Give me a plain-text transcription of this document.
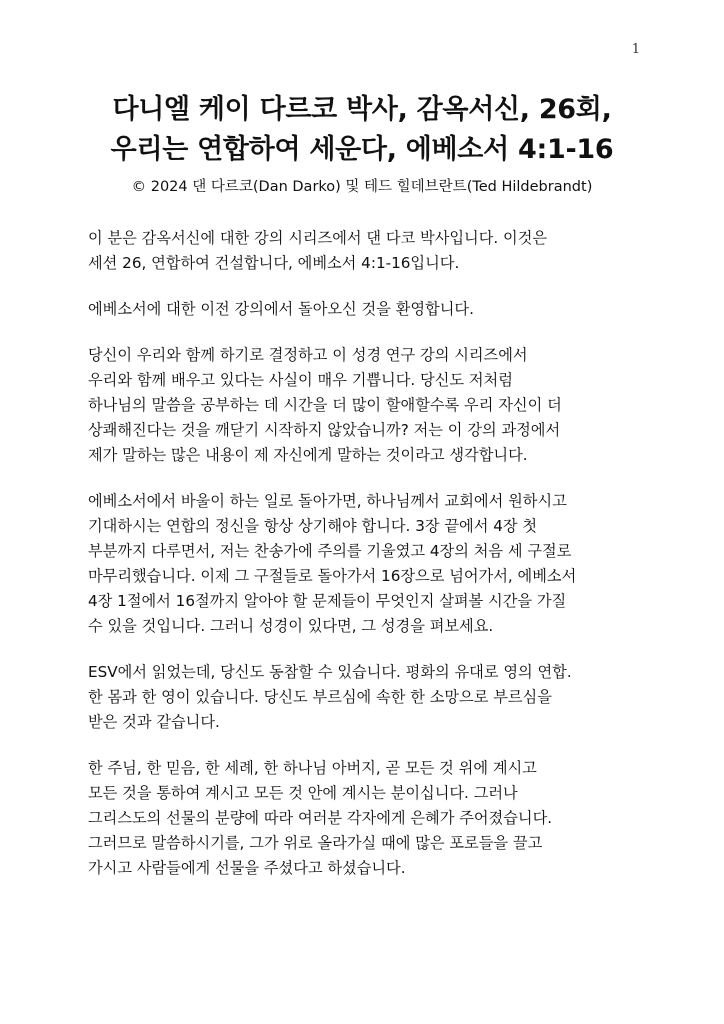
1
다니엘 케이 다르코 박사, 감옥서신, 26회,
우리는 연합하여 세운다, 에베소서 4:1-16
© 2024 댄 다르코(Dan Darko) 및 테드 힐데브란트(Ted Hildebrandt)

이 분은 감옥서신에 대한 강의 시리즈에서 댄 다코 박사입니다. 이것은
세션 26, 연합하여 건설합니다, 에베소서 4:1-16입니다.

에베소서에 대한 이전 강의에서 돌아오신 것을 환영합니다.

당신이 우리와 함께 하기로 결정하고 이 성경 연구 강의 시리즈에서
우리와 함께 배우고 있다는 사실이 매우 기쁩니다. 당신도 저처럼
하나님의 말씀을 공부하는 데 시간을 더 많이 할애할수록 우리 자신이 더
상쾌해진다는 것을 깨닫기 시작하지 않았습니까? 저는 이 강의 과정에서
제가 말하는 많은 내용이 제 자신에게 말하는 것이라고 생각합니다.

에베소서에서 바울이 하는 일로 돌아가면, 하나님께서 교회에서 원하시고
기대하시는 연합의 정신을 항상 상기해야 합니다. 3장 끝에서 4장 첫
부분까지 다루면서, 저는 찬송가에 주의를 기울였고 4장의 처음 세 구절로
마무리했습니다. 이제 그 구절들로 돌아가서 16장으로 넘어가서, 에베소서
4장 1절에서 16절까지 알아야 할 문제들이 무엇인지 살펴볼 시간을 가질
수 있을 것입니다. 그러니 성경이 있다면, 그 성경을 펴보세요.

ESV에서 읽었는데, 당신도 동참할 수 있습니다. 평화의 유대로 영의 연합.
한 몸과 한 영이 있습니다. 당신도 부르심에 속한 한 소망으로 부르심을
받은 것과 같습니다.

한 주님, 한 믿음, 한 세례, 한 하나님 아버지, 곧 모든 것 위에 계시고
모든 것을 통하여 계시고 모든 것 안에 계시는 분이십니다. 그러나
그리스도의 선물의 분량에 따라 여러분 각자에게 은혜가 주어졌습니다.
그러므로 말씀하시기를, 그가 위로 올라가실 때에 많은 포로들을 끌고
가시고 사람들에게 선물을 주셨다고 하셨습니다.
